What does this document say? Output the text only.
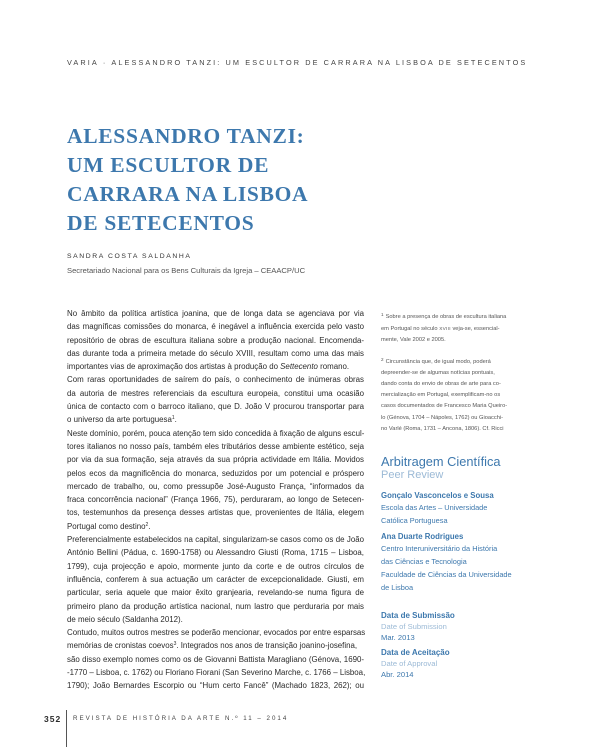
VARIA · ALESSANDRO TANZI: UM ESCULTOR DE CARRARA NA LISBOA DE SETECENTOS
ALESSANDRO TANZI:
UM ESCULTOR DE
CARRARA NA LISBOA
DE SETECENTOS
SANDRA COSTA SALDANHA
Secretariado Nacional para os Bens Culturais da Igreja – CEAACP/UC
No âmbito da política artística joanina, que de longa data se agenciava por via
das magníficas comissões do monarca, é inegável a influência exercida pelo vasto
repositório de obras de escultura italiana sobre a produção nacional. Encomenda-
das durante toda a primeira metade do século XVIII, resultam como uma das mais
importantes vias de aproximação dos artistas à produção do Settecento romano.
Com raras oportunidades de saírem do país, o conhecimento de inúmeras obras
da autoria de mestres referenciais da escultura europeia, constitui uma ocasião
única de contacto com o barroco italiano, que D. João V procurou transportar para
o universo da arte portuguesa$^1$.
Neste domínio, porém, pouca atenção tem sido concedida à fixação de alguns escul-
tores italianos no nosso país, também eles tributários desse ambiente estético, seja
por via da sua formação, seja através da sua própria actividade em Itália. Movidos
pelos ecos da magnificência do monarca, seduzidos por um potencial e próspero
mercado de trabalho, ou, como pressupõe José-Augusto França, “informados da
fraca concorrência nacional” (França 1966, 75), perduraram, ao longo de Setecen-
tos, testemunhos da presença desses artistas que, provenientes de Itália, elegem
Portugal como destino$^2$.
Preferencialmente estabelecidos na capital, singularizam-se casos como os de João
António Bellini (Pádua, c. 1690-1758) ou Alessandro Giusti (Roma, 1715 – Lisboa,
1799), cuja projecção e apoio, mormente junto da corte e de outros círculos de
influência, conferem à sua actuação um carácter de excepcionalidade. Giusti, em
particular, seria aquele que maior êxito granjearia, revelando-se numa figura de
primeiro plano da produção artística nacional, num lastro que perduraria por mais
de meio século (Saldanha 2012).
Contudo, muitos outros mestres se poderão mencionar, evocados por entre esparsas
memórias de cronistas coevos$^3$. Integrados nos anos de transição joanino-josefina,
são disso exemplo nomes como os de Giovanni Battista Maragliano (Génova, 1690-
-1770 – Lisboa, c. 1762) ou Floriano Fiorani (San Severino Marche, c. 1766 – Lisboa,
1790); João Bernardes Escorpio ou “Hum certo Fancê” (Machado 1823, 262); ou
$^1$ Sobre a presença de obras de escultura italiana
em Portugal no século XVIII veja-se, essencial-
mente, Vale 2002 e 2005.
$^2$ Circunstância que, de igual modo, poderá
depreender-se de algumas notícias pontuais,
dando conta do envio de obras de arte para co-
mercialização em Portugal, exemplificam-no os
casos documentados de Francesco Maria Queiro-
lo (Génova, 1704 – Nápoles, 1762) ou Gioacchi-
no Varlé (Roma, 1731 – Ancona, 1806). Cf. Ricci
Arbitragem Científica
Peer Review
Gonçalo Vasconcelos e Sousa
Escola das Artes – Universidade
Católica Portuguesa
Ana Duarte Rodrigues
Centro Interuniversitário da História
das Ciências e Tecnologia
Faculdade de Ciências da Universidade
de Lisboa
Data de Submissão
Date of Submission
Mar. 2013
Data de Aceitação
Date of Approval
Abr. 2014
352 REVISTA DE HISTÓRIA DA ARTE N.º 11 – 2014
